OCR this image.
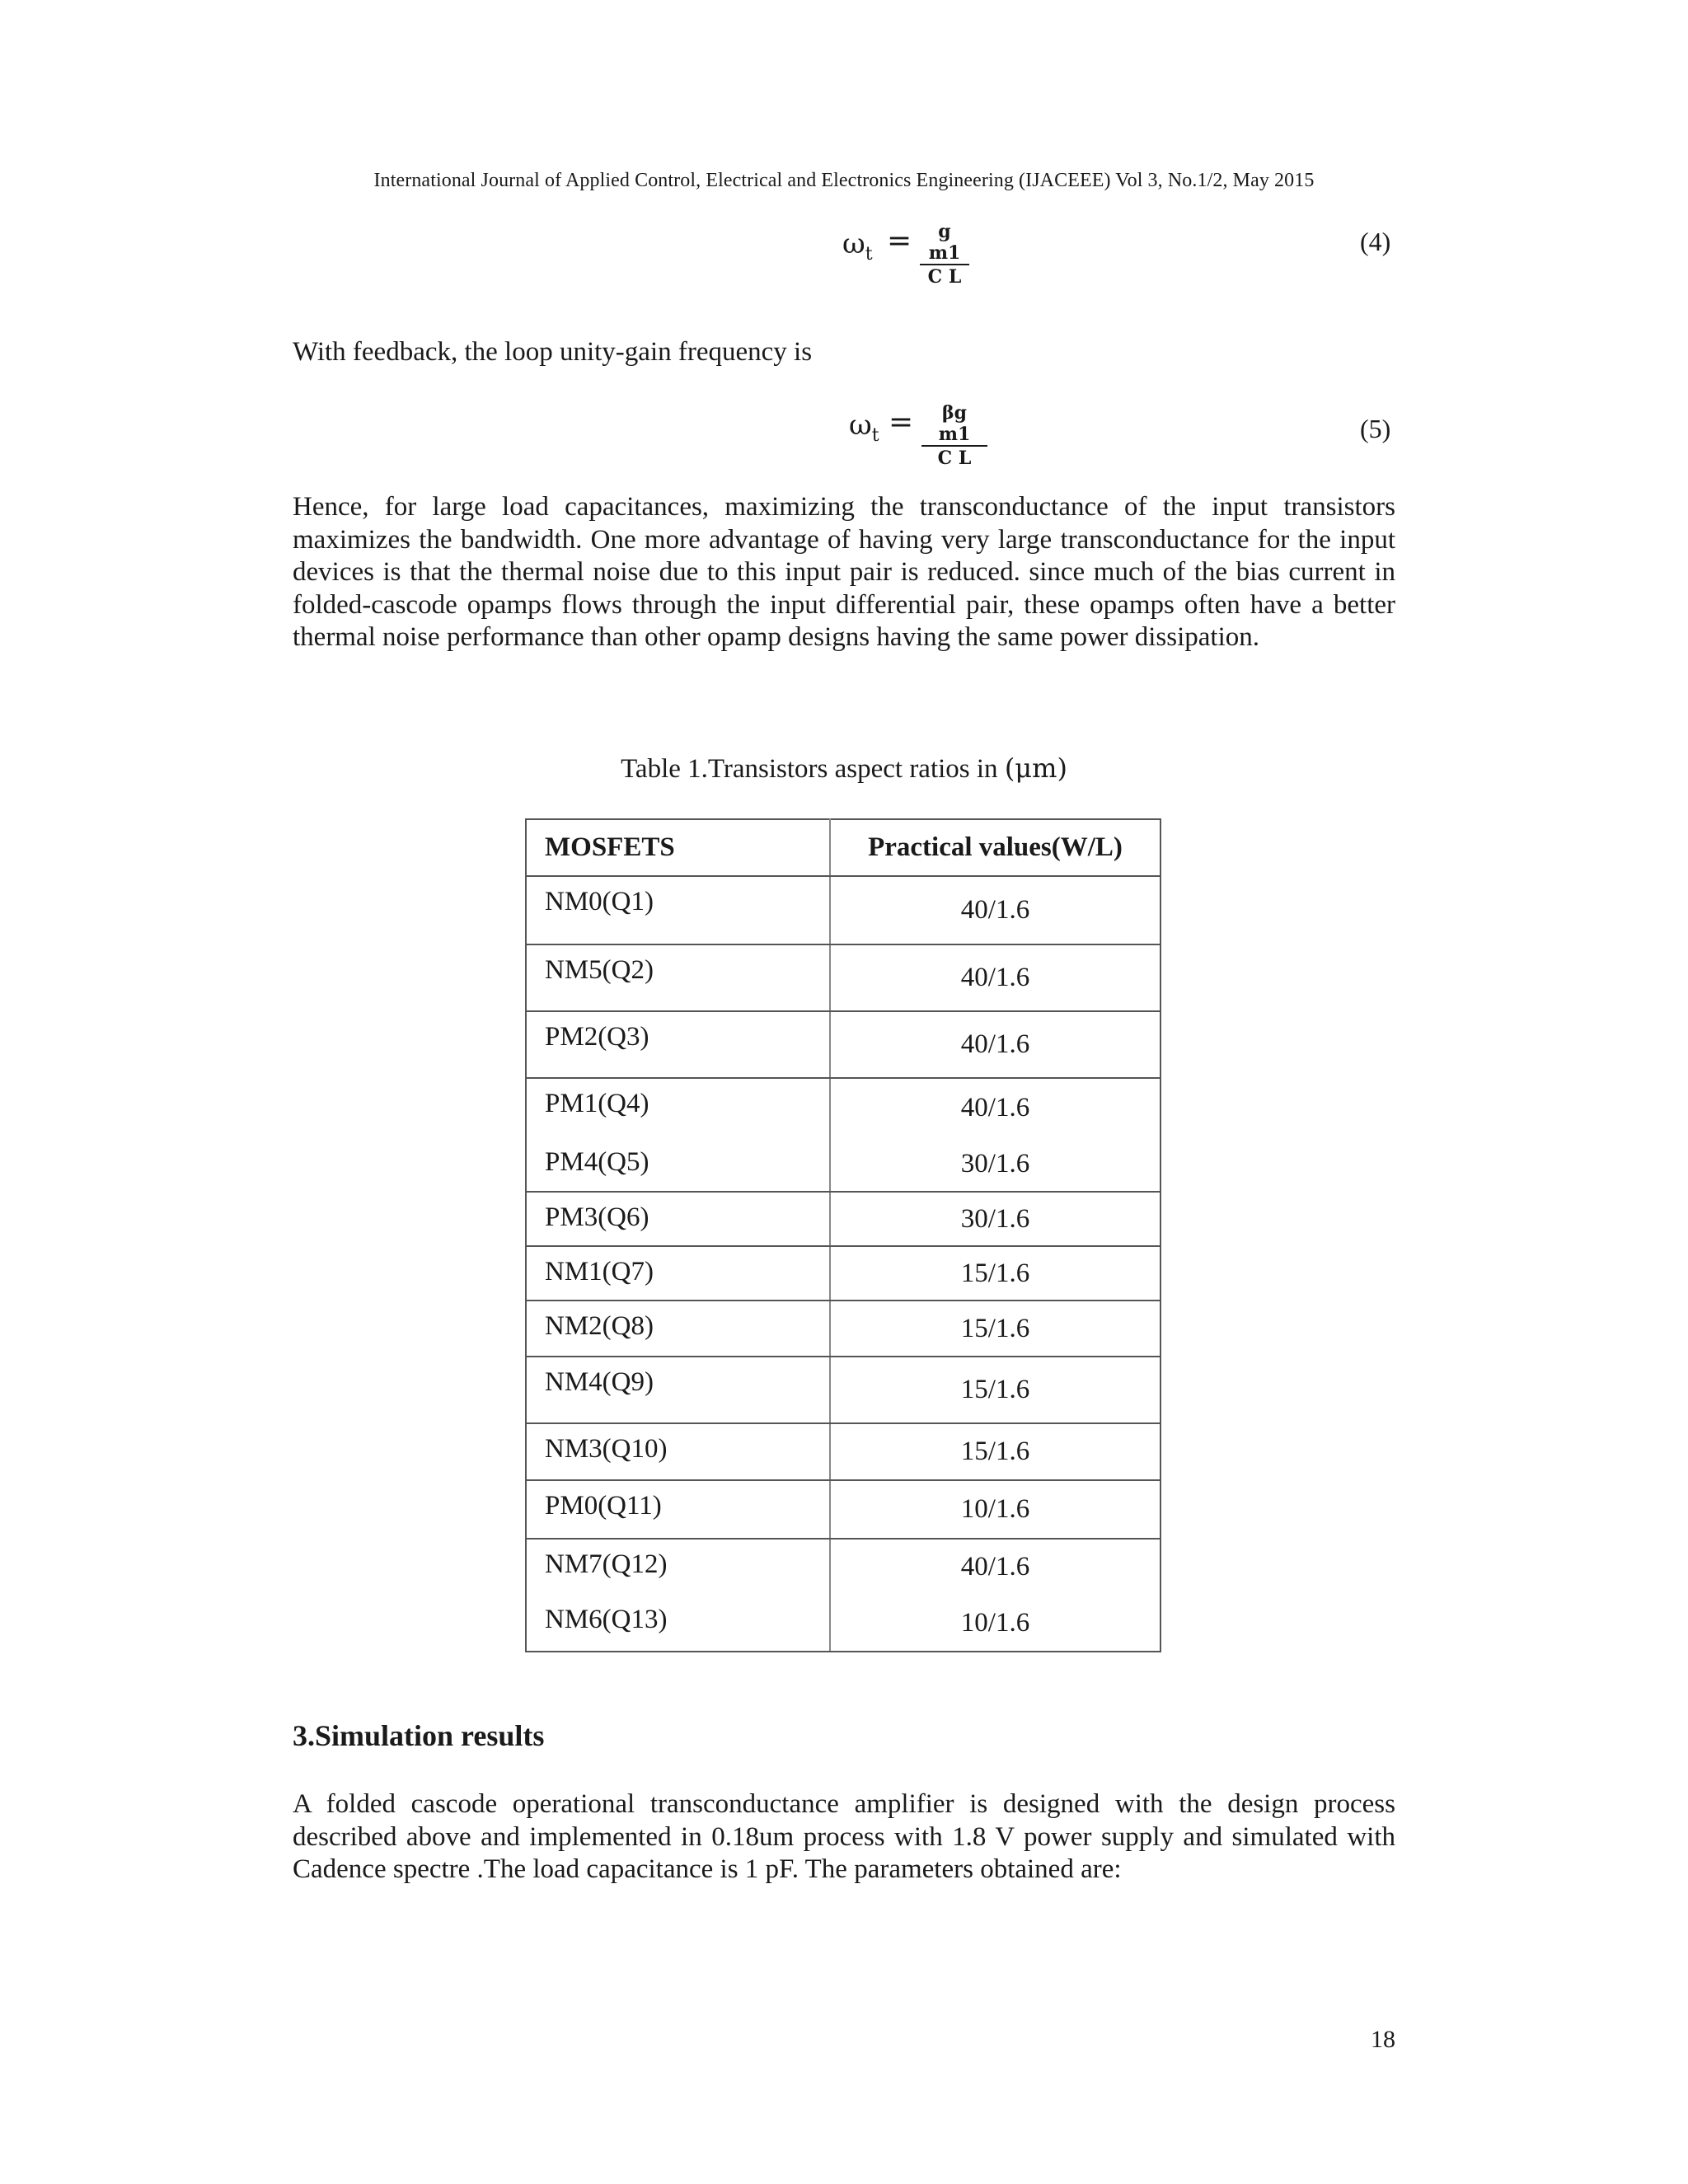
International Journal of Applied Control, Electrical and Electronics Engineering (IJACEEE) Vol 3, No.1/2, May 2015
$\omega_t = \frac{\text{g m1}}{\text{C L}}$	(4)
With feedback, the loop unity-gain frequency is
$\omega_t = \frac{\text{βg m1}}{\text{C L}}$	(5)
Hence, for large load capacitances, maximizing the transconductance of the input transistors maximizes the bandwidth. One more advantage of having very large transconductance for the input devices is that the thermal noise due to this input pair is reduced. since much of the bias current in folded-cascode opamps flows through the input differential pair, these opamps often have a better thermal noise performance than other opamp designs having the same power dissipation.
Table 1.Transistors aspect ratios in (μm)
MOSFETS	Practical values(W/L)
NM0(Q1)	40/1.6
NM5(Q2)	40/1.6
PM2(Q3)	40/1.6
PM1(Q4)	40/1.6
PM4(Q5)	30/1.6
PM3(Q6)	30/1.6
NM1(Q7)	15/1.6
NM2(Q8)	15/1.6
NM4(Q9)	15/1.6
NM3(Q10)	15/1.6
PM0(Q11)	10/1.6
NM7(Q12)	40/1.6
NM6(Q13)	10/1.6
3.Simulation results
A folded cascode operational transconductance amplifier is designed with the design process described above and implemented in 0.18um process with 1.8 V power supply and simulated with Cadence spectre .The load capacitance is 1 pF. The parameters obtained are:
18
